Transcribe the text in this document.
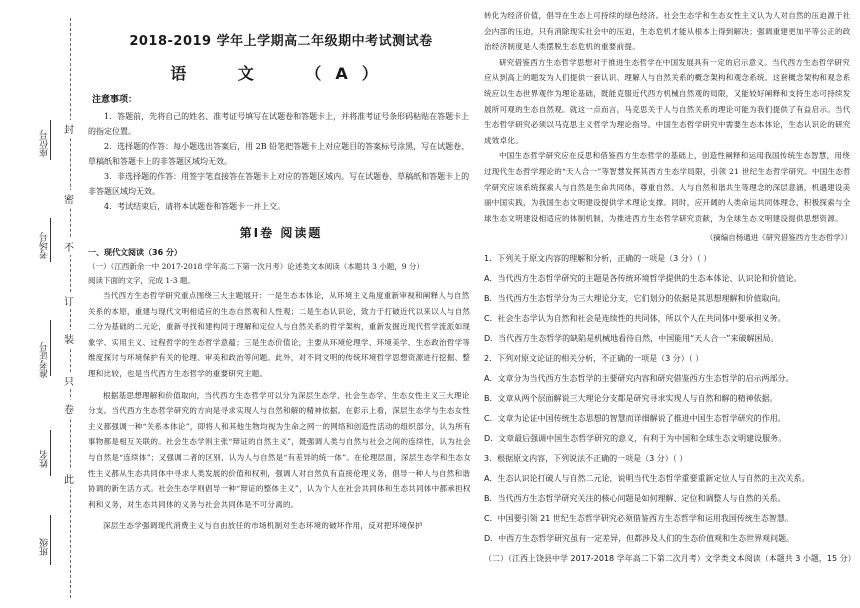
封
密
不
订
装
只
卷
此
座位号
考场号
准考证号
姓名
班级
2018-2019 学年上学期高二年级期中考试测试卷
语 文 （A）
注意事项：

1．答题前，先将自己的姓名、准考证号填写在试题卷和答题卡上，并将准考证号条形码粘贴在答题卡上的指定位置。

2．选择题的作答：每小题选出答案后，用 2B 铅笔把答题卡上对应题目的答案标号涂黑，写在试题卷、草稿纸和答题卡上的非答题区域均无效。

3．非选择题的作答：用签字笔直接答在答题卡上对应的答题区域内。写在试题卷、草稿纸和答题卡上的非答题区域均无效。

4．考试结束后，请将本试题卷和答题卡一并上交。

第Ⅰ卷 阅读题
一、现代文阅读（36 分）

（一）（江西新余一中 2017-2018 学年高二下第一次月考）论述类文本阅读（本题共 3 小题，9 分）

阅读下面的文字，完成 1-3 题。

当代西方生态哲学研究重点围绕三大主题展开：一是生态本体论，从环境主义角度重新审视和阐释人与自然关系的本原，重建与现代文明相适应的生态自然观和人性观；二是生态认识论，致力于打破近代以来以人与自然二分为基础的二元论，重新寻找和建构同于理解和定位人与自然关系的哲学架构，重新发掘近现代哲学流派如现象学、实用主义、过程哲学的生态哲学意蕴；三是生态价值论，主要从环境伦理学、环境美学、生态政治哲学等维度探讨与环境保护有关的伦理、审美和政治等问题。此外，对不同文明的传统环境哲学思想资源进行挖掘、整理和比较，也是当代西方生态哲学的重要研究主题。

根据基思想理解和价值取向，当代西方生态哲学可以分为深层生态学、社会生态学、生态女性主义三大理论分支。当代西方生态哲学研究的方向是寻求实现人与自然和解的精神依据。在彰示上看，深层生态学与生态女性主义都强调一种“关系本体论”，即将人和其他生物均视为生命之网一的网络和创造性活动的组织部分，认为所有事物都是相互关联的。社会生态学则主张“辩证的自然主义”，既强调人类与自然与社会之间的连续性，认为社会与自然是“连续体”；又强调二者的区别，认为人与自然是“有差异的统一体”。在伦理层面，深层生态学和生态女性主义都从生态共同体中寻求人类发展的价值和权利，强调人对自然负有直接伦理义务，倡导一种人与自然和谐协调的新生活方式。社会生态学则倡导一种“辩证的整体主义”，认为个人在社会共同体和生态共同体中都承担权利和义务，对生态共同体的义务与社会共同体是不可分离的。

深层生态学强调现代消费主义与自由放任的市场机制对生态环境的破坏作用，反对把环境保护

转化为经济价值，倡导在生态上可持续的绿色经济。社会生态学和生态女性主义认为人对自然的压迫源于社会内部的压迫，只有消除现实社会中的压迫，生态危机才能从根本上得到解决；强调重建更加平等公正的政治经济制度是人类摆脱生态危机的重要前提。

研究借鉴西方生态哲学思想对于推进生态哲学在中国发展具有一定的启示意义。当代西方生态哲学研究应从到高上的题发为人们提供一套认识、理解人与自然关系的概念架构和观念系统。这套概念架构和观念系统应以生态世界观作为理论基础，既能克服近代西方机械自然观的局限，又能较好阐释和支持生态可持续发展所可观的生态自然观。就这一点而言，马克思关于人与自然关系的理论可能为我们提供了有益启示。当代生态哲学研究必须以马克思主义哲学为理论指导。中国生态哲学研究中需要生态本体论，生态认识论的研究成效卓化。

中国生态哲学研究应在反思和借鉴西方生态哲学的基础上，创造性阐释和运用我国传统生态智慧，用绕过现代生态哲学理论的“天人合一”等智慧发挥其西方生态学局限，引领 21 世纪生态哲学研究。中国生态哲学研究应该系统探索人与自然是生命共同体，尊重自然、人与自然和谐共生等理念的深层意涵，机遇建设美丽中国实践，为我国生态文明建设提供学术理论支撑。同时，应开阔的人类命运共同体理念，积极探索与全球生态文明建设相适应的体制机制，为推进西方生态哲学研究贡献，为全球生态文明建设提供思想资源。

（摘编自杨通进《研究借鉴西方生态哲学》）

1．下列关于原文内容的理解和分析，正确的一项是（3 分）（ ）

A．当代西方生态哲学研究的主题是各传统环境哲学提供的生态本体论、认识论和价值论。

B．当代西方生态哲学分为三大理论分支，它们划分的依据是其思想理解和价值取向。

C．社会生态学认为自然和社会是连续性的共同体，所以个人在共同体中要承担义务。

D．当代西方生态哲学的缺陷是机械地看待自然，中国能用“天人合一”来破解困局。

2．下列对原文论证的相关分析，不正确的一项是（3 分）（ ）

A．文章分为当代西方生态哲学的主要研究内容和研究借鉴西方生态哲学的启示两部分。

B．文章从两个层面解说三大理论分支都是研究寻求实现人与自然和解的精神依据。

C．文章为论证中国传统生态思想的智慧而详细解说了推进中国生态哲学研究的作用。

D．文章最后强调中国生态哲学研究的意义，有利于为中国和全球生态文明建设服务。

3．根据原文内容，下列说法不正确的一项是（3 分）（ ）

A．生态认识论打破人与自然二元论，说明当代生态哲学重要重新定位人与自然的主次关系。

B．当代西方生态哲学研究关注的核心问题是如何理解、定位和调整人与自然的关系。

C．中国要引领 21 世纪生态哲学研究必须借鉴西方生态哲学和运用我国传统生态智慧。

D．中西方生态哲学研究虽有一定差异，但都涉及人们的生态价值观和生态世界观问题。

（二）（江西上饶县中学 2017-2018 学年高二下第二次月考）文学类文本阅读（本题共 3 小题，15 分）
